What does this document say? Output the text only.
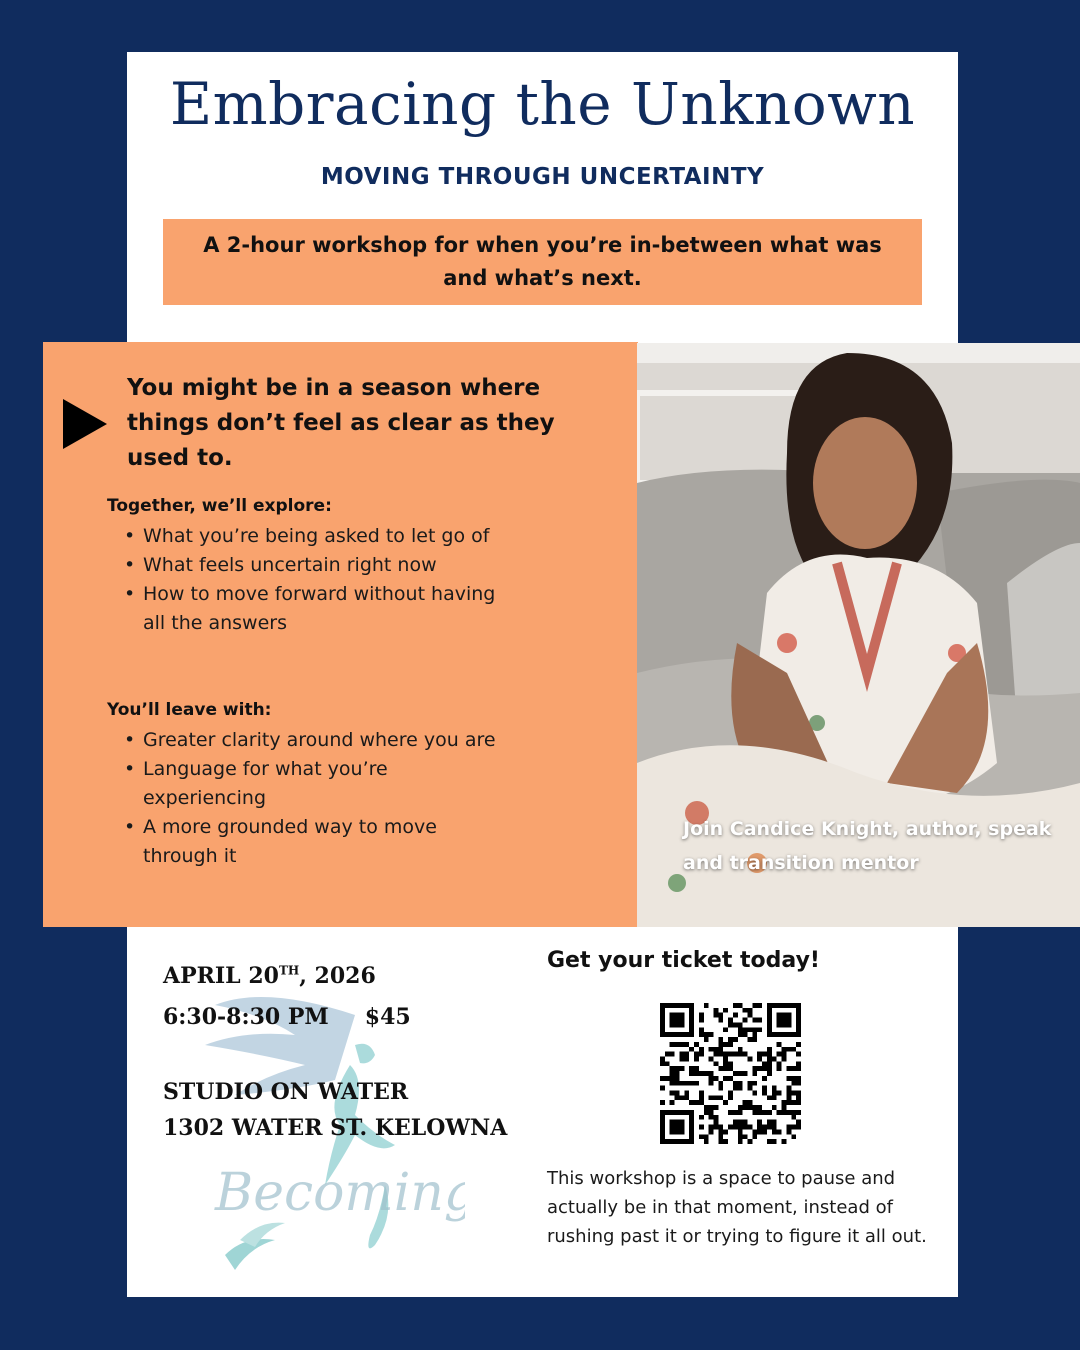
Embracing the Unknown
MOVING THROUGH UNCERTAINTY
A 2-hour workshop for when you’re in-between what was and what’s next.
You might be in a season where things don’t feel as clear as they used to.
Together, we’ll explore:
• What you’re being asked to let go of
• What feels uncertain right now
• How to move forward without having all the answers
You’ll leave with:
• Greater clarity around where you are
• Language for what you’re experiencing
• A more grounded way to move through it
Join Candice Knight, author, speak and transition mentor
Becoming
APRIL 20TH, 2026
6:30-8:30 PM $45
STUDIO ON WATER
1302 WATER ST. KELOWNA
Get your ticket today!
This workshop is a space to pause and actually be in that moment, instead of rushing past it or trying to figure it all out.
